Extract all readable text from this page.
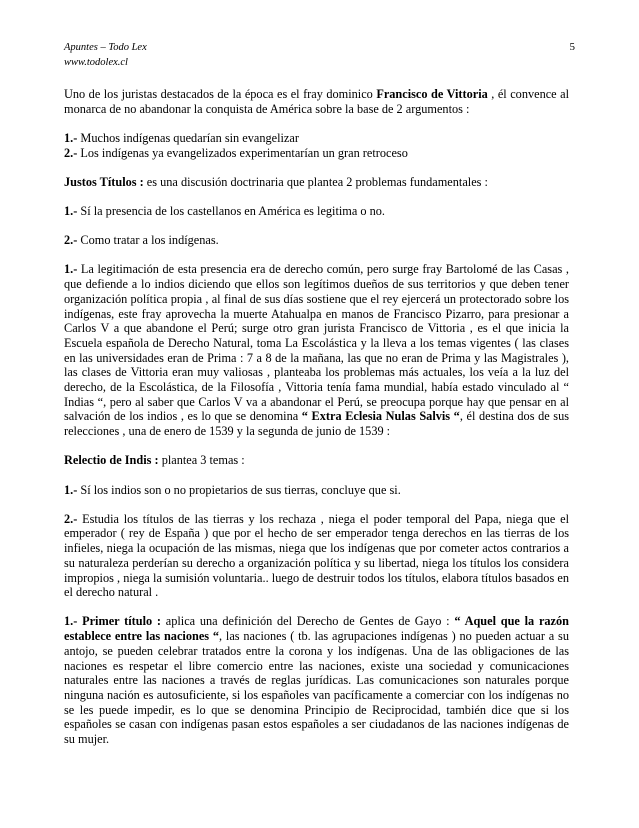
Apuntes – Todo Lex
www.todolex.cl
5

Uno de los juristas destacados de la época es el fray dominico Francisco de Vittoria , él convence al monarca de no abandonar la conquista de América sobre la base de 2 argumentos :

1.- Muchos indígenas quedarían sin evangelizar

2.- Los indígenas ya evangelizados experimentarían un gran retroceso

Justos Títulos : es una discusión doctrinaria que plantea 2 problemas fundamentales :

1.- Sí la presencia de los castellanos en América es legitima o no.

2.- Como tratar a los indígenas.

1.- La legitimación de esta presencia era de derecho común, pero surge fray Bartolomé de las Casas , que defiende a lo indios diciendo que ellos son legítimos dueños de sus territorios y que deben tener organización política propia , al final de sus días sostiene que el rey ejercerá un protectorado sobre los indígenas, este fray aprovecha la muerte Atahualpa en manos de Francisco Pizarro, para presionar a Carlos V a que abandone el Perú; surge otro gran jurista Francisco de Vittoria , es el que inicia la Escuela española de Derecho Natural, toma La Escolástica y la lleva a los temas vigentes ( las clases en las universidades eran de Prima : 7 a 8 de la mañana, las que no eran de Prima y las Magistrales ), las clases de Vittoria eran muy valiosas , planteaba los problemas más actuales, los veía a la luz del derecho, de la Escolástica, de la Filosofía , Vittoria tenía fama mundial, había estado vinculado al “ Indias “, pero al saber que Carlos V va a abandonar el Perú, se preocupa porque hay que pensar en al salvación de los indios , es lo que se denomina “ Extra Eclesia Nulas Salvis “, él destina dos de sus relecciones , una de enero de 1539 y la segunda de junio de 1539 :

Relectio de Indis : plantea 3 temas :

1.- Sí los indios son o no propietarios de sus tierras, concluye que si.

2.- Estudia los títulos de las tierras y los rechaza , niega el poder temporal del Papa, niega que el emperador ( rey de España ) que por el hecho de ser emperador tenga derechos en las tierras de los infieles, niega la ocupación de las mismas, niega que los indígenas que por cometer actos contrarios a su naturaleza perderían su derecho a organización política y su libertad, niega los títulos los considera impropios , niega la sumisión voluntaria.. luego de destruir todos los títulos, elabora títulos basados en el derecho natural .

1.- Primer título : aplica una definición del Derecho de Gentes de Gayo : “ Aquel que la razón establece entre las naciones “, las naciones ( tb. las agrupaciones indígenas ) no pueden actuar a su antojo, se pueden celebrar tratados entre la corona y los indígenas. Una de las obligaciones de las naciones es respetar el libre comercio entre las naciones, existe una sociedad y comunicaciones naturales entre las naciones a través de reglas jurídicas. Las comunicaciones son naturales porque ninguna nación es autosuficiente, si los españoles van pacíficamente a comerciar con los indígenas no se les puede impedir, es lo que se denomina Principio de Reciprocidad, también dice que si los españoles se casan con indígenas pasan estos españoles a ser ciudadanos de las naciones indígenas de su mujer.
